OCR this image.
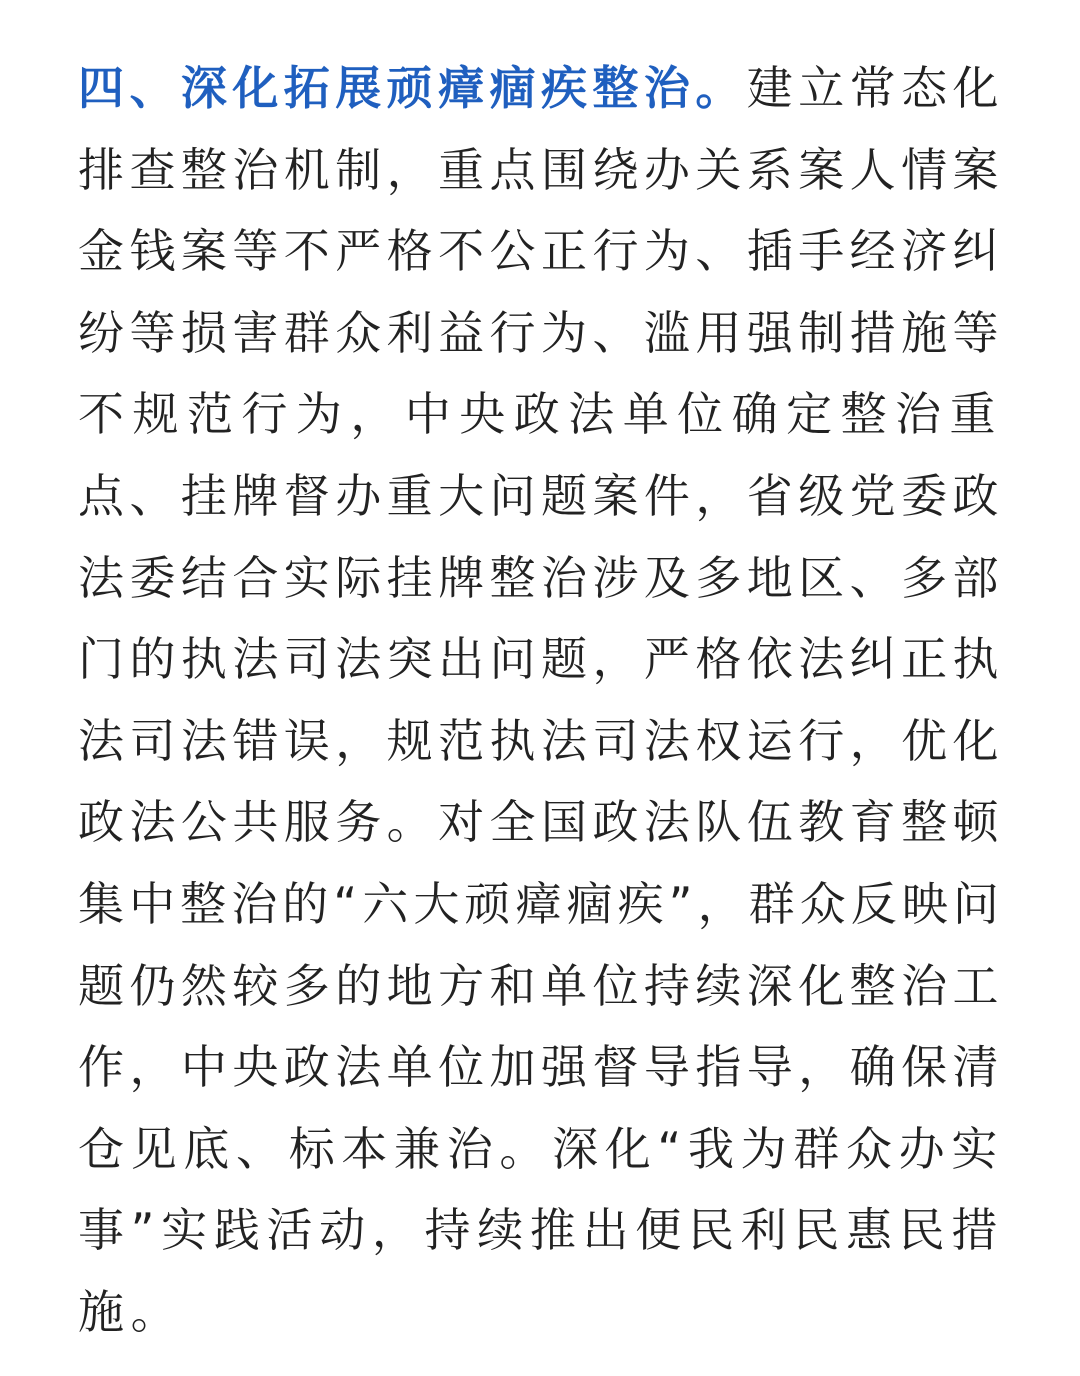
四、深化拓展顽瘴痼疾整治。建立常态化
排查整治机制，重点围绕办关系案人情案
金钱案等不严格不公正行为、插手经济纠
纷等损害群众利益行为、滥用强制措施等
不规范行为，中央政法单位确定整治重
点、挂牌督办重大问题案件，省级党委政
法委结合实际挂牌整治涉及多地区、多部
门的执法司法突出问题，严格依法纠正执
法司法错误，规范执法司法权运行，优化
政法公共服务。对全国政法队伍教育整顿
集中整治的“六大顽瘴痼疾”，群众反映问
题仍然较多的地方和单位持续深化整治工
作，中央政法单位加强督导指导，确保清
仓见底、标本兼治。深化“我为群众办实
事”实践活动，持续推出便民利民惠民措
施。
